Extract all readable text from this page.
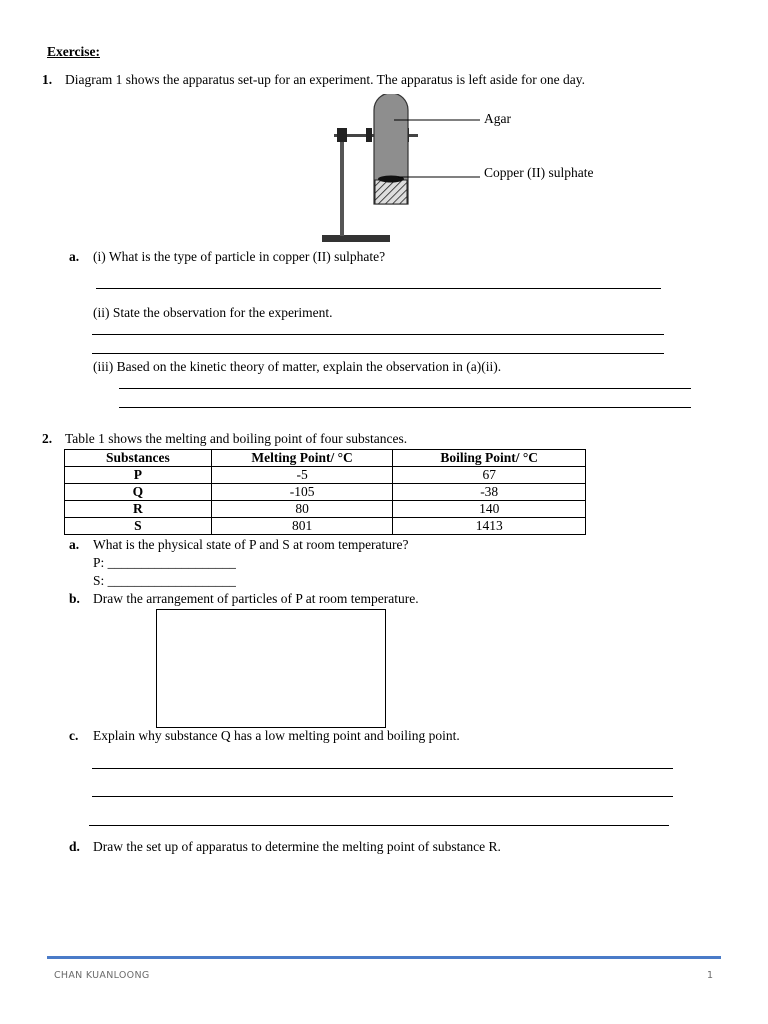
Exercise:
1. Diagram 1 shows the apparatus set-up for an experiment. The apparatus is left aside for one day.
Agar
Copper (II) sulphate
a. (i) What is the type of particle in copper (II) sulphate?
(ii) State the observation for the experiment.
(iii) Based on the kinetic theory of matter, explain the observation in (a)(ii).
2. Table 1 shows the melting and boiling point of four substances.
Substances	Melting Point/ °C	Boiling Point/ °C
P	-5	67
Q	-105	-38
R	80	140
S	801	1413
a. What is the physical state of P and S at room temperature?
P: ___________________
S: ___________________
b. Draw the arrangement of particles of P at room temperature.
c. Explain why substance Q has a low melting point and boiling point.
d. Draw the set up of apparatus to determine the melting point of substance R.
CHAN KUANLOONG	1
